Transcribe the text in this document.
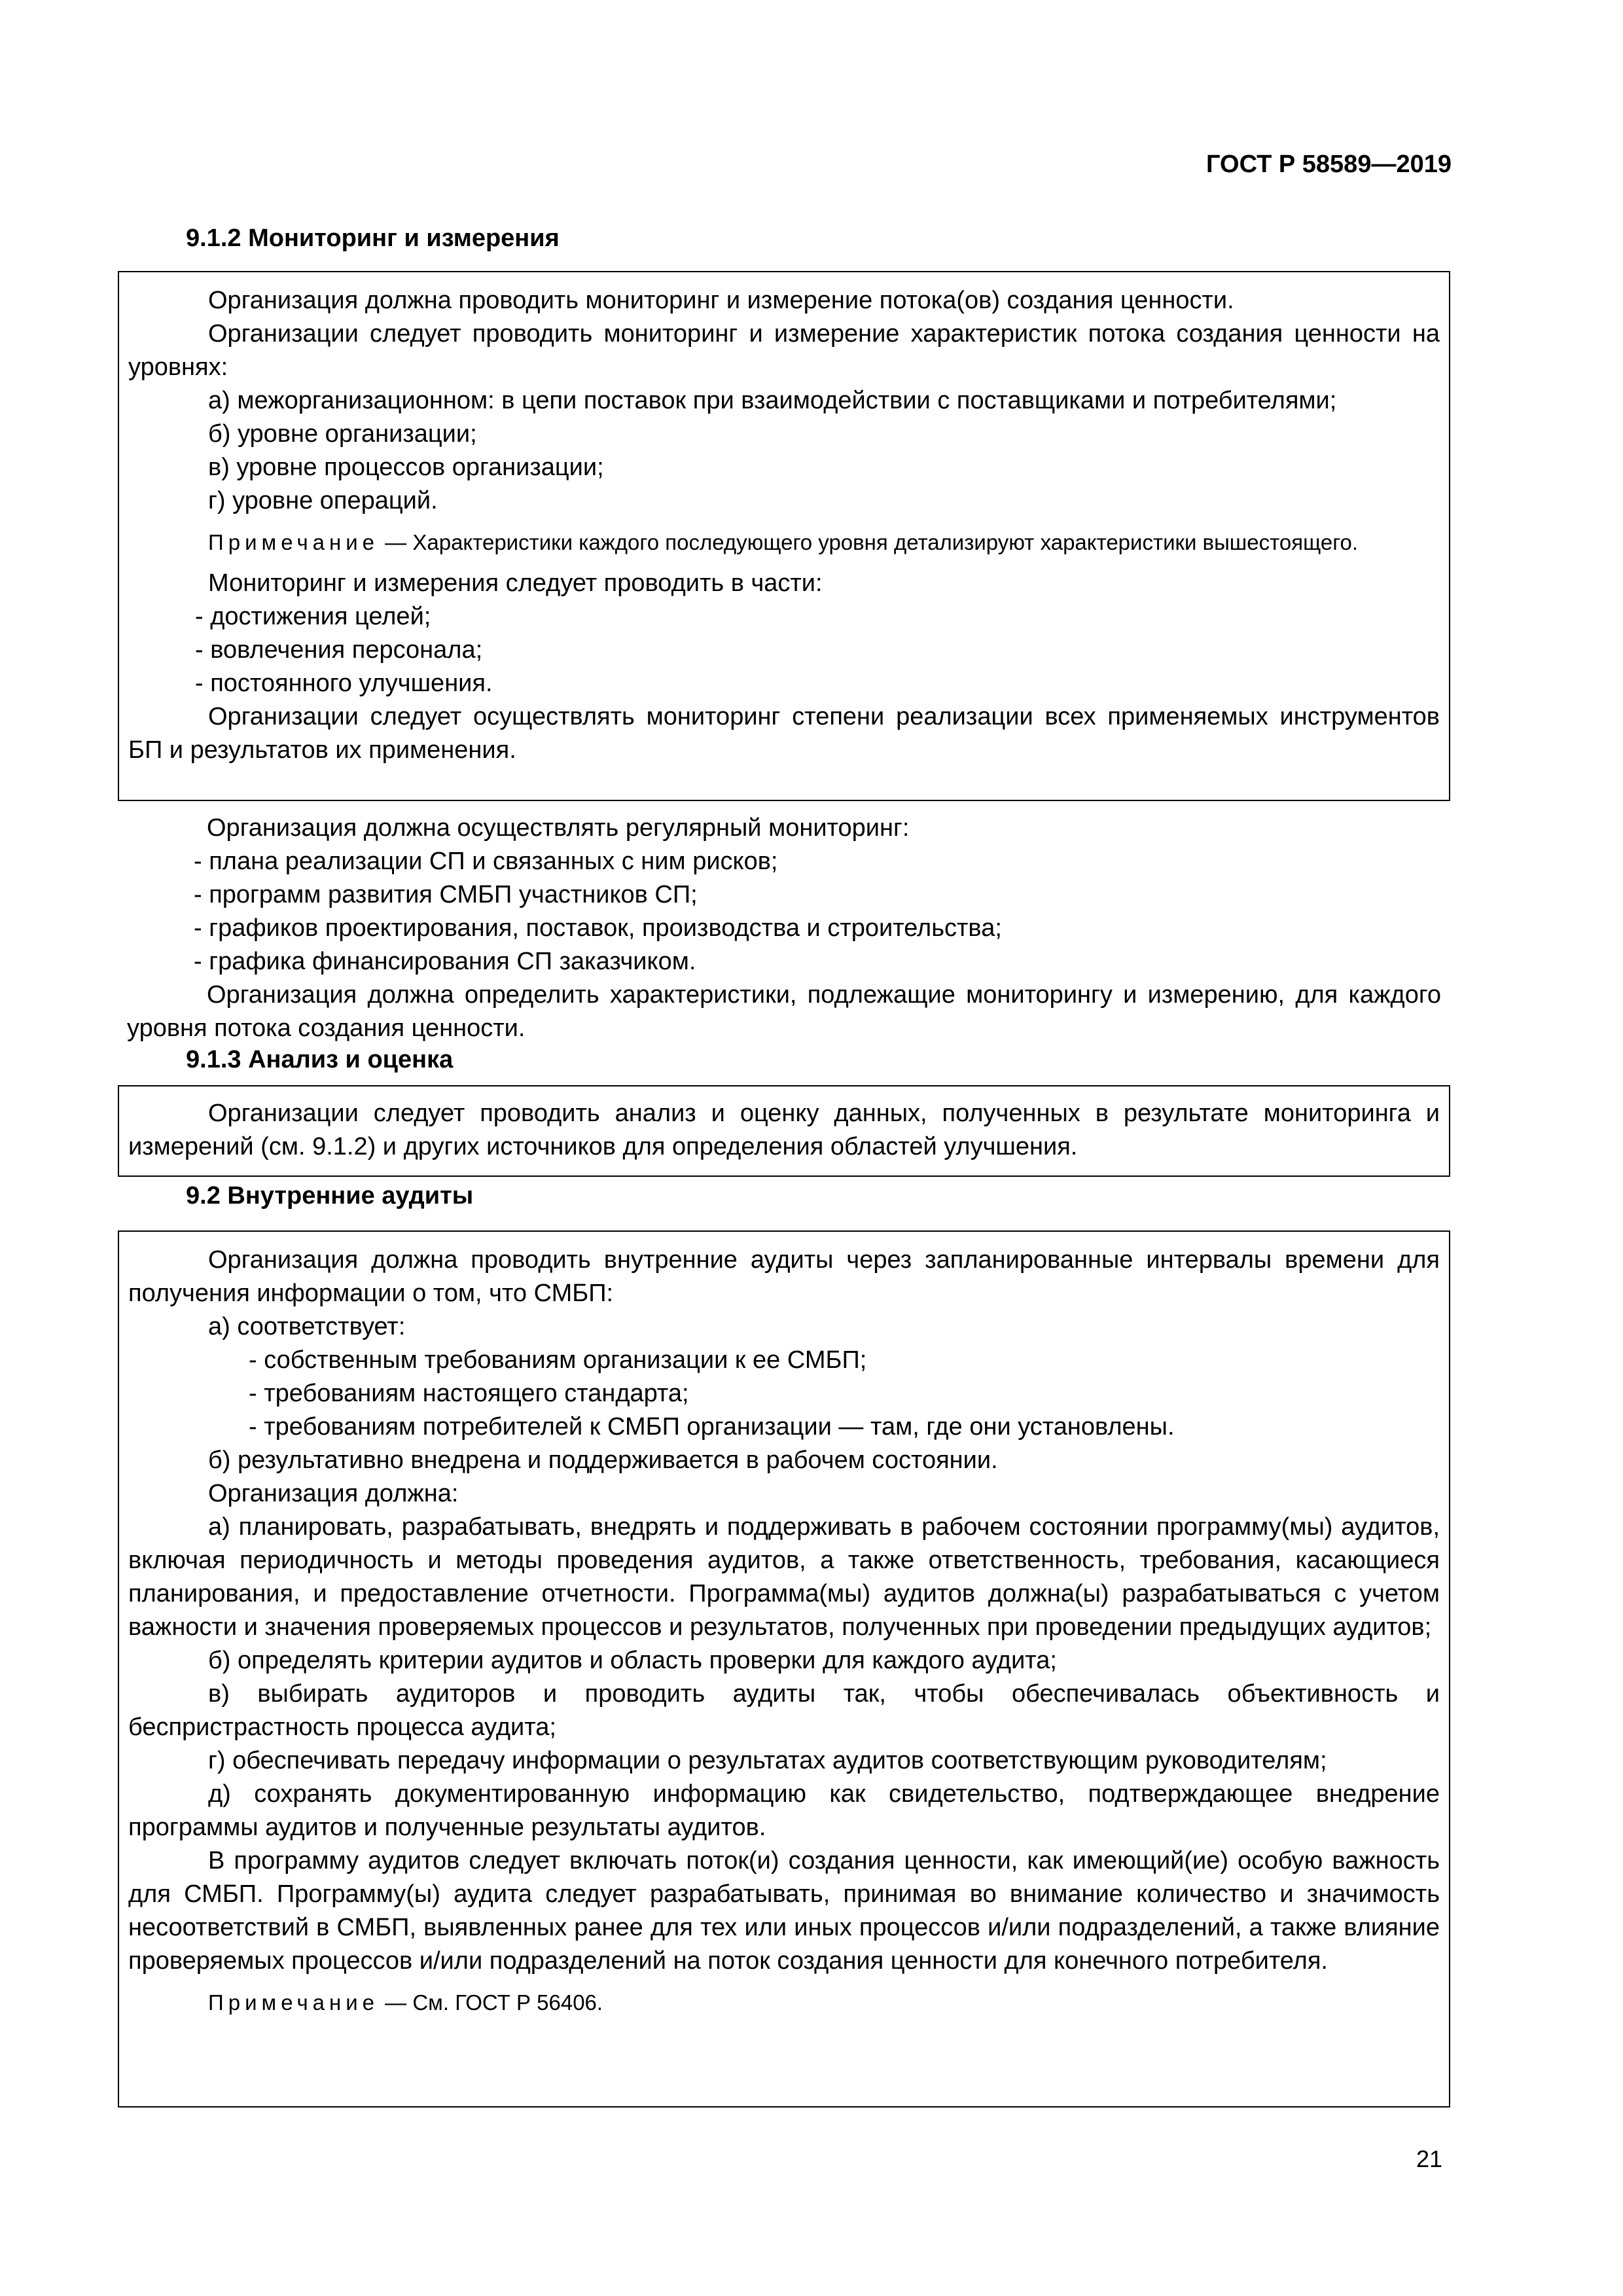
ГОСТ Р 58589—2019
9.1.2 Мониторинг и измерения

Организация должна проводить мониторинг и измерение потока(ов) создания ценности.

Организации следует проводить мониторинг и измерение характеристик потока создания ценности на уровнях:

а) межорганизационном: в цепи поставок при взаимодействии с поставщиками и потребителями;

б) уровне организации;

в) уровне процессов организации;

г) уровне операций.

Примечание — Характеристики каждого последующего уровня детализируют характеристики вышестоящего.

Мониторинг и измерения следует проводить в части:

- достижения целей;

- вовлечения персонала;

- постоянного улучшения.

Организации следует осуществлять мониторинг степени реализации всех применяемых инструментов БП и результатов их применения.

Организация должна осуществлять регулярный мониторинг:

- плана реализации СП и связанных с ним рисков;

- программ развития СМБП участников СП;

- графиков проектирования, поставок, производства и строительства;

- графика финансирования СП заказчиком.

Организация должна определить характеристики, подлежащие мониторингу и измерению, для каждого уровня потока создания ценности.

9.1.3 Анализ и оценка

Организации следует проводить анализ и оценку данных, полученных в результате мониторинга и измерений (см. 9.1.2) и других источников для определения областей улучшения.

9.2 Внутренние аудиты

Организация должна проводить внутренние аудиты через запланированные интервалы времени для получения информации о том, что СМБП:

а) соответствует:

- собственным требованиям организации к ее СМБП;

- требованиям настоящего стандарта;

- требованиям потребителей к СМБП организации — там, где они установлены.

б) результативно внедрена и поддерживается в рабочем состоянии.

Организация должна:

а) планировать, разрабатывать, внедрять и поддерживать в рабочем состоянии программу(мы) аудитов, включая периодичность и методы проведения аудитов, а также ответственность, требования, касающиеся планирования, и предоставление отчетности. Программа(мы) аудитов должна(ы) разрабатываться с учетом важности и значения проверяемых процессов и результатов, полученных при проведении предыдущих аудитов;

б) определять критерии аудитов и область проверки для каждого аудита;

в) выбирать аудиторов и проводить аудиты так, чтобы обеспечивалась объективность и беспристрастность процесса аудита;

г) обеспечивать передачу информации о результатах аудитов соответствующим руководителям;

д) сохранять документированную информацию как свидетельство, подтверждающее внедрение программы аудитов и полученные результаты аудитов.

В программу аудитов следует включать поток(и) создания ценности, как имеющий(ие) особую важность для СМБП. Программу(ы) аудита следует разрабатывать, принимая во внимание количество и значимость несоответствий в СМБП, выявленных ранее для тех или иных процессов и/или подразделений, а также влияние проверяемых процессов и/или подразделений на поток создания ценности для конечного потребителя.

Примечание — См. ГОСТ Р 56406.

21
